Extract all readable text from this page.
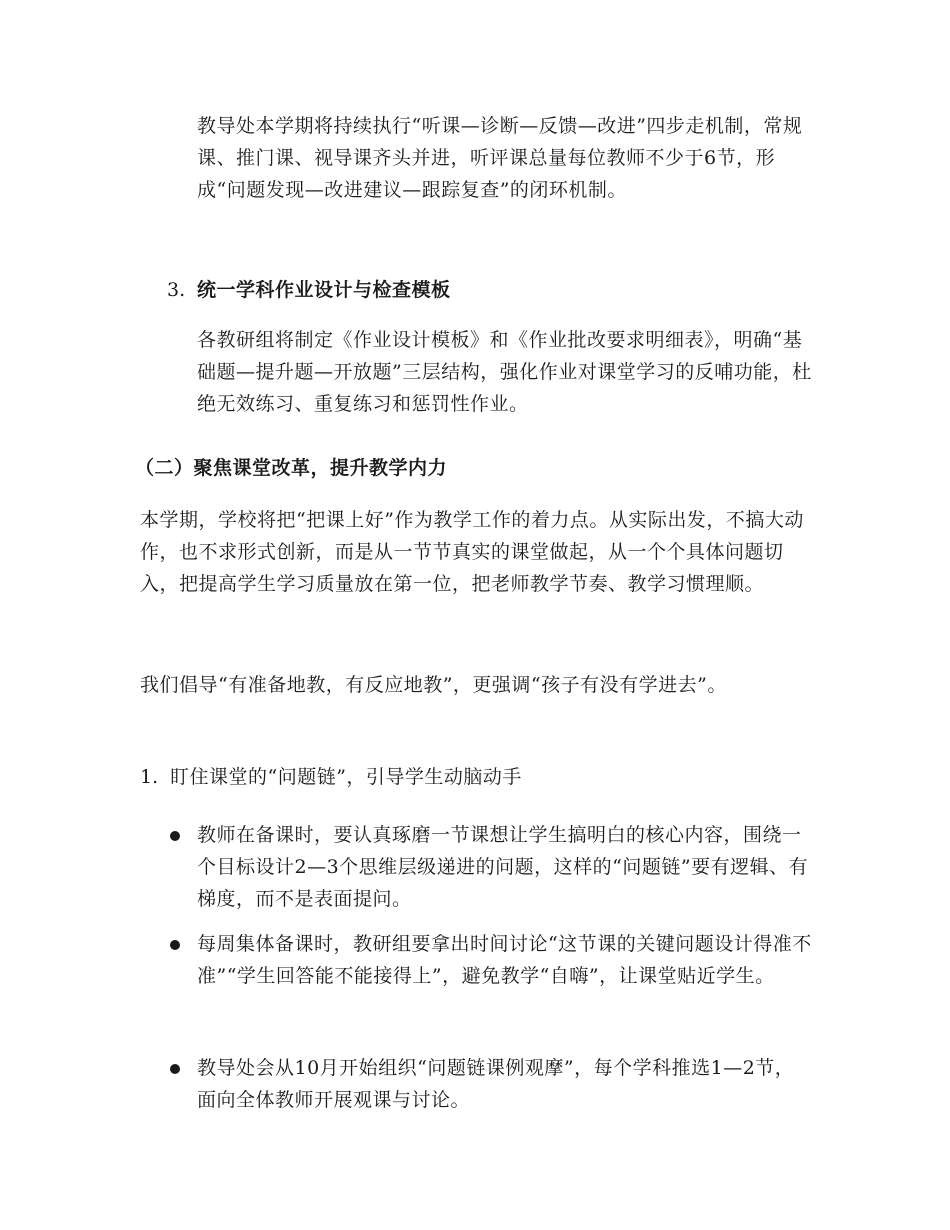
教导处本学期将持续执行“听课—诊断—反馈—改进”四步走机制，常规课、推门课、视导课齐头并进，听评课总量每位教师不少于6节，形成“问题发现—改进建议—跟踪复查”的闭环机制。

3. 统一学科作业设计与检查模板

各教研组将制定《作业设计模板》和《作业批改要求明细表》，明确“基础题—提升题—开放题”三层结构，强化作业对课堂学习的反哺功能，杜绝无效练习、重复练习和惩罚性作业。

（二）聚焦课堂改革，提升教学内力

本学期，学校将把“把课上好”作为教学工作的着力点。从实际出发，不搞大动作，也不求形式创新，而是从一节节真实的课堂做起，从一个个具体问题切入，把提高学生学习质量放在第一位，把老师教学节奏、教学习惯理顺。

我们倡导“有准备地教，有反应地教”，更强调“孩子有没有学进去”。

1. 盯住课堂的“问题链”，引导学生动脑动手

教师在备课时，要认真琢磨一节课想让学生搞明白的核心内容，围绕一个目标设计2—3个思维层级递进的问题，这样的“问题链”要有逻辑、有梯度，而不是表面提问。

每周集体备课时，教研组要拿出时间讨论“这节课的关键问题设计得准不准”“学生回答能不能接得上”，避免教学“自嗨”，让课堂贴近学生。

教导处会从10月开始组织“问题链课例观摩”，每个学科推选1—2节，面向全体教师开展观课与讨论。
